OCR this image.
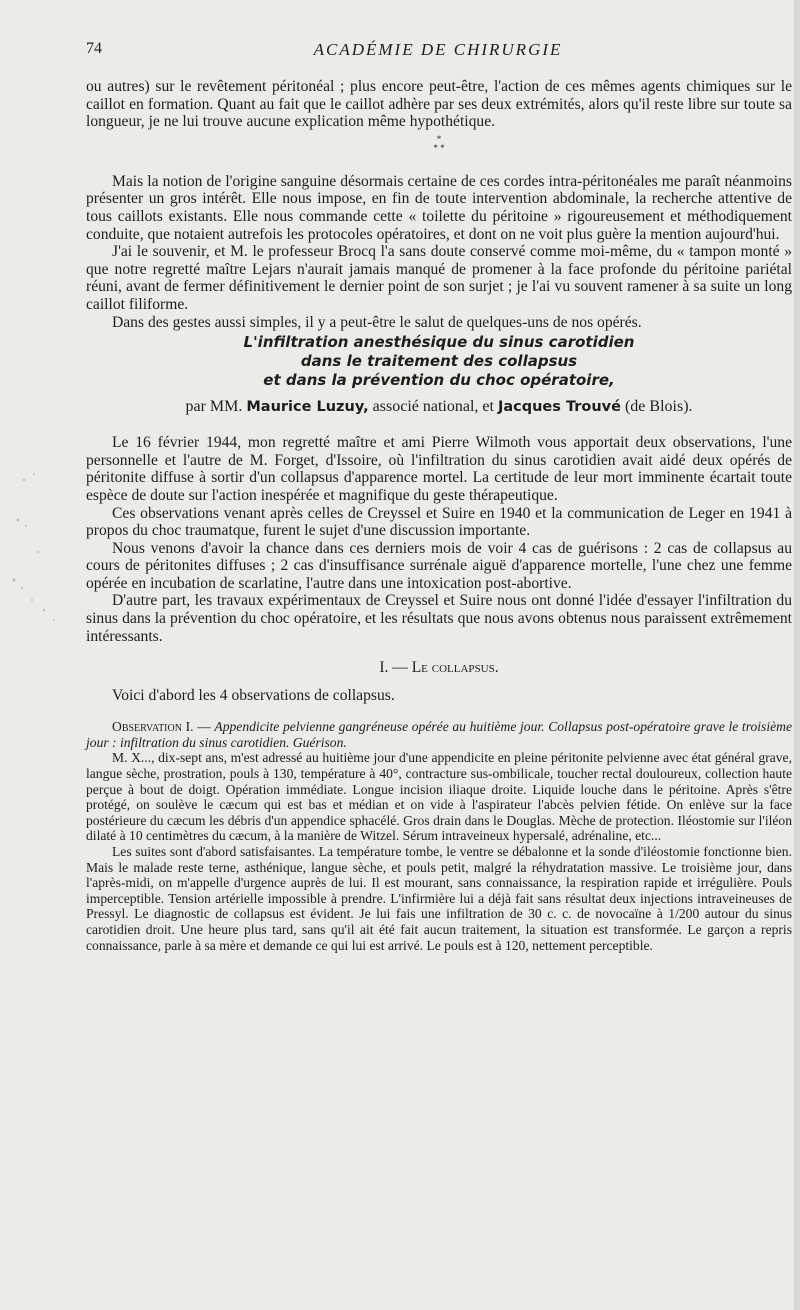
74	ACADÉMIE DE CHIRURGIE

ou autres) sur le revêtement péritonéal ; plus encore peut-être, l'action de ces mêmes agents chimiques sur le caillot en formation. Quant au fait que le caillot adhère par ses deux extrémités, alors qu'il reste libre sur toute sa longueur, je ne lui trouve aucune explication même hypothétique.

*
* *

Mais la notion de l'origine sanguine désormais certaine de ces cordes intra-péritonéales me paraît néanmoins présenter un gros intérêt. Elle nous impose, en fin de toute intervention abdominale, la recherche attentive de tous caillots existants. Elle nous commande cette « toilette du péritoine » rigoureusement et méthodiquement conduite, que notaient autrefois les protocoles opératoires, et dont on ne voit plus guère la mention aujourd'hui.

J'ai le souvenir, et M. le professeur Brocq l'a sans doute conservé comme moi-même, du « tampon monté » que notre regretté maître Lejars n'aurait jamais manqué de promener à la face profonde du péritoine pariétal réuni, avant de fermer définitivement le dernier point de son surjet ; je l'ai vu souvent ramener à sa suite un long caillot filiforme.

Dans des gestes aussi simples, il y a peut-être le salut de quelques-uns de nos opérés.

L'infiltration anesthésique du sinus carotidien
dans le traitement des collapsus
et dans la prévention du choc opératoire,
par MM. Maurice Luzuy, associé national, et Jacques Trouvé (de Blois).

Le 16 février 1944, mon regretté maître et ami Pierre Wilmoth vous apportait deux observations, l'une personnelle et l'autre de M. Forget, d'Issoire, où l'infiltration du sinus carotidien avait aidé deux opérés de péritonite diffuse à sortir d'un collapsus d'apparence mortel. La certitude de leur mort imminente écartait toute espèce de doute sur l'action inespérée et magnifique du geste thérapeutique.

Ces observations venant après celles de Creyssel et Suire en 1940 et la communication de Leger en 1941 à propos du choc traumatque, furent le sujet d'une discussion importante.

Nous venons d'avoir la chance dans ces derniers mois de voir 4 cas de guérisons : 2 cas de collapsus au cours de péritonites diffuses ; 2 cas d'insuffisance surrénale aiguë d'apparence mortelle, l'une chez une femme opérée en incubation de scarlatine, l'autre dans une intoxication post-abortive.

D'autre part, les travaux expérimentaux de Creyssel et Suire nous ont donné l'idée d'essayer l'infiltration du sinus dans la prévention du choc opératoire, et les résultats que nous avons obtenus nous paraissent extrêmement intéressants.

I. — Le collapsus.
Voici d'abord les 4 observations de collapsus.

Observation I. — Appendicite pelvienne gangréneuse opérée au huitième jour. Collapsus post-opératoire grave le troisième jour : infiltration du sinus carotidien. Guérison.

M. X..., dix-sept ans, m'est adressé au huitième jour d'une appendicite en pleine péritonite pelvienne avec état général grave, langue sèche, prostration, pouls à 130, température à 40°, contracture sus-ombilicale, toucher rectal douloureux, collection haute perçue à bout de doigt. Opération immédiate. Longue incision iliaque droite. Liquide louche dans le péritoine. Après s'être protégé, on soulève le cæcum qui est bas et médian et on vide à l'aspirateur l'abcès pelvien fétide. On enlève sur la face postérieure du cæcum les débris d'un appendice sphacélé. Gros drain dans le Douglas. Mèche de protection. Iléostomie sur l'iléon dilaté à 10 centimètres du cæcum, à la manière de Witzel. Sérum intraveineux hypersalé, adrénaline, etc...

Les suites sont d'abord satisfaisantes. La température tombe, le ventre se débalonne et la sonde d'iléostomie fonctionne bien. Mais le malade reste terne, asthénique, langue sèche, et pouls petit, malgré la réhydratation massive. Le troisième jour, dans l'après-midi, on m'appelle d'urgence auprès de lui. Il est mourant, sans connaissance, la respiration rapide et irrégulière. Pouls imperceptible. Tension artérielle impossible à prendre. L'infirmière lui a déjà fait sans résultat deux injections intraveineuses de Pressyl. Le diagnostic de collapsus est évident. Je lui fais une infiltration de 30 c. c. de novocaïne à 1/200 autour du sinus carotidien droit. Une heure plus tard, sans qu'il ait été fait aucun traitement, la situation est transformée. Le garçon a repris connaissance, parle à sa mère et demande ce qui lui est arrivé. Le pouls est à 120, nettement perceptible.
